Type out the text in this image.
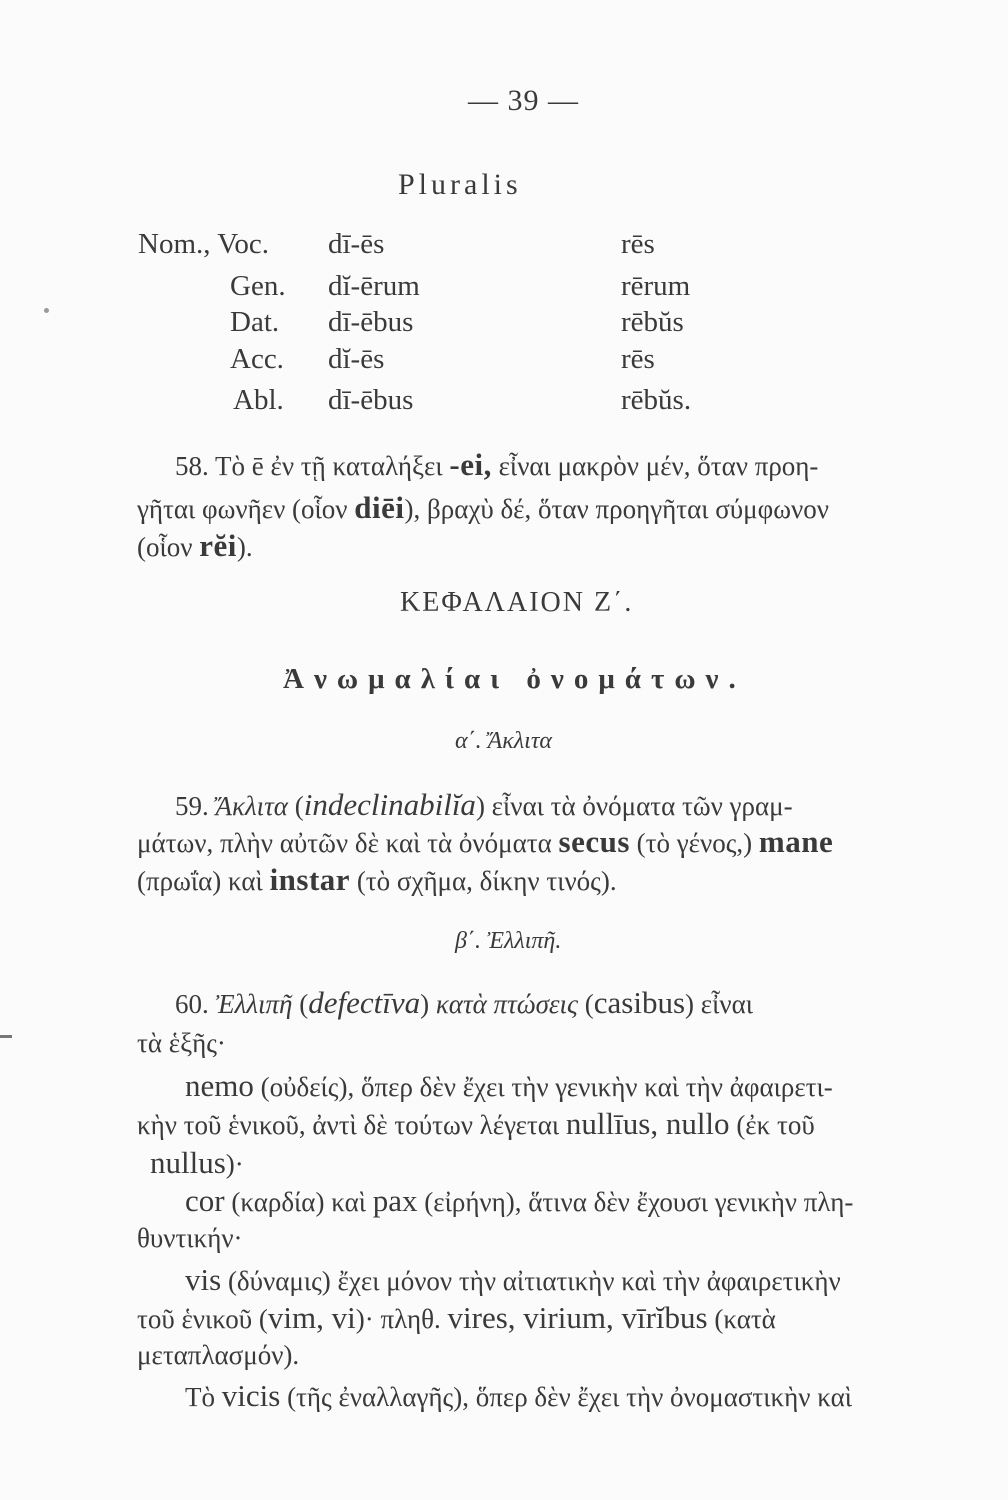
— 39 —
Pluralis
Nom., Voc. dī-ēs	rēs
Gen. dĭ-ērum	rērum
Dat. dī-ēbus	rēbŭs
Acc. dĭ-ēs	rēs
Abl. dī-ēbus	rēbŭs.
58. Τὸ ē ἐν τῇ καταλήξει -ei, εἶναι μακρὸν μέν, ὅταν προη-
γῆται φωνῆεν (οἷον diēi), βραχὺ δέ, ὅταν προηγῆται σύμφωνον
(οἷον rĕi).
ΚΕΦΑΛΑΙΟΝ Ζ΄.
Ἀνωμαλίαι ὀνομάτων.
α΄. Ἄκλιτα
59. Ἄκλιτα (indeclinabilĭa) εἶναι τὰ ὀνόματα τῶν γραμ-
μάτων, πλὴν αὐτῶν δὲ καὶ τὰ ὀνόματα secus (τὸ γένος,) mane
(πρωΐα) καὶ instar (τὸ σχῆμα, δίκην τινός).
β΄. Ἐλλιπῆ.
60. Ἐλλιπῆ (defectīva) κατὰ πτώσεις (casibus) εἶναι
τὰ ἑξῆς·
nemo (οὐδείς), ὅπερ δὲν ἔχει τὴν γενικὴν καὶ τὴν ἀφαιρετι-
κὴν τοῦ ἑνικοῦ, ἀντὶ δὲ τούτων λέγεται nullīus, nullo (ἐκ τοῦ
nullus)·
cor (καρδία) καὶ pax (εἰρήνη), ἅτινα δὲν ἔχουσι γενικὴν πλη-
θυντικήν·
vis (δύναμις) ἔχει μόνον τὴν αἰτιατικὴν καὶ τὴν ἀφαιρετικὴν
τοῦ ἑνικοῦ (vim, vi)· πληθ. vires, virium, vīrĭbus (κατὰ
μεταπλασμόν).
Τὸ vicis (τῆς ἐναλλαγῆς), ὅπερ δὲν ἔχει τὴν ὀνομαστικὴν καὶ
